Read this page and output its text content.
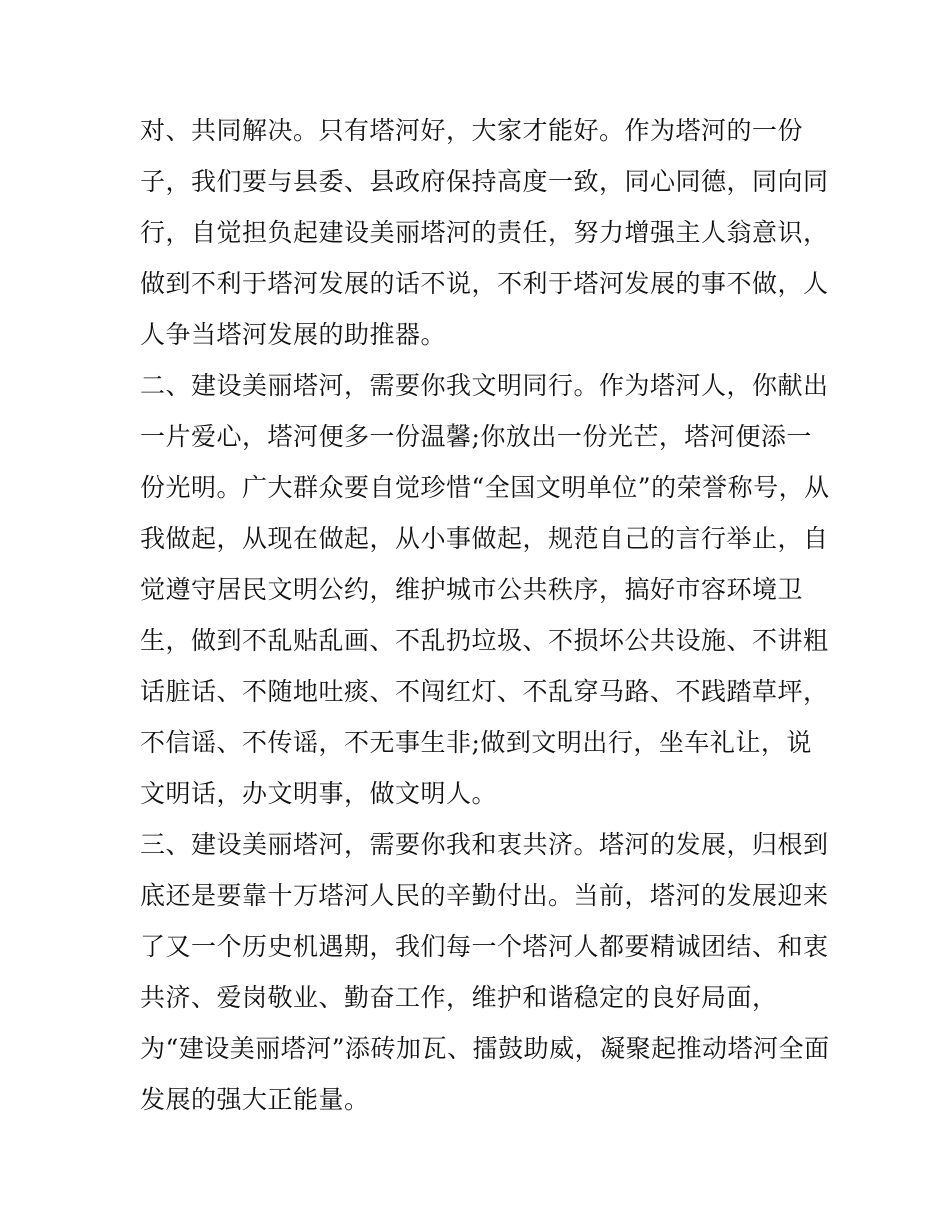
对、共同解决。只有塔河好，大家才能好。作为塔河的一份
子，我们要与县委、县政府保持高度一致，同心同德，同向同
行，自觉担负起建设美丽塔河的责任，努力增强主人翁意识，
做到不利于塔河发展的话不说，不利于塔河发展的事不做，人
人争当塔河发展的助推器。
二、建设美丽塔河，需要你我文明同行。作为塔河人，你献出
一片爱心，塔河便多一份温馨;你放出一份光芒，塔河便添一
份光明。广大群众要自觉珍惜“全国文明单位”的荣誉称号，从
我做起，从现在做起，从小事做起，规范自己的言行举止，自
觉遵守居民文明公约，维护城市公共秩序，搞好市容环境卫
生，做到不乱贴乱画、不乱扔垃圾、不损坏公共设施、不讲粗
话脏话、不随地吐痰、不闯红灯、不乱穿马路、不践踏草坪，
不信谣、不传谣，不无事生非;做到文明出行，坐车礼让，说
文明话，办文明事，做文明人。
三、建设美丽塔河，需要你我和衷共济。塔河的发展，归根到
底还是要靠十万塔河人民的辛勤付出。当前，塔河的发展迎来
了又一个历史机遇期，我们每一个塔河人都要精诚团结、和衷
共济、爱岗敬业、勤奋工作，维护和谐稳定的良好局面，
为“建设美丽塔河”添砖加瓦、擂鼓助威，凝聚起推动塔河全面
发展的强大正能量。
